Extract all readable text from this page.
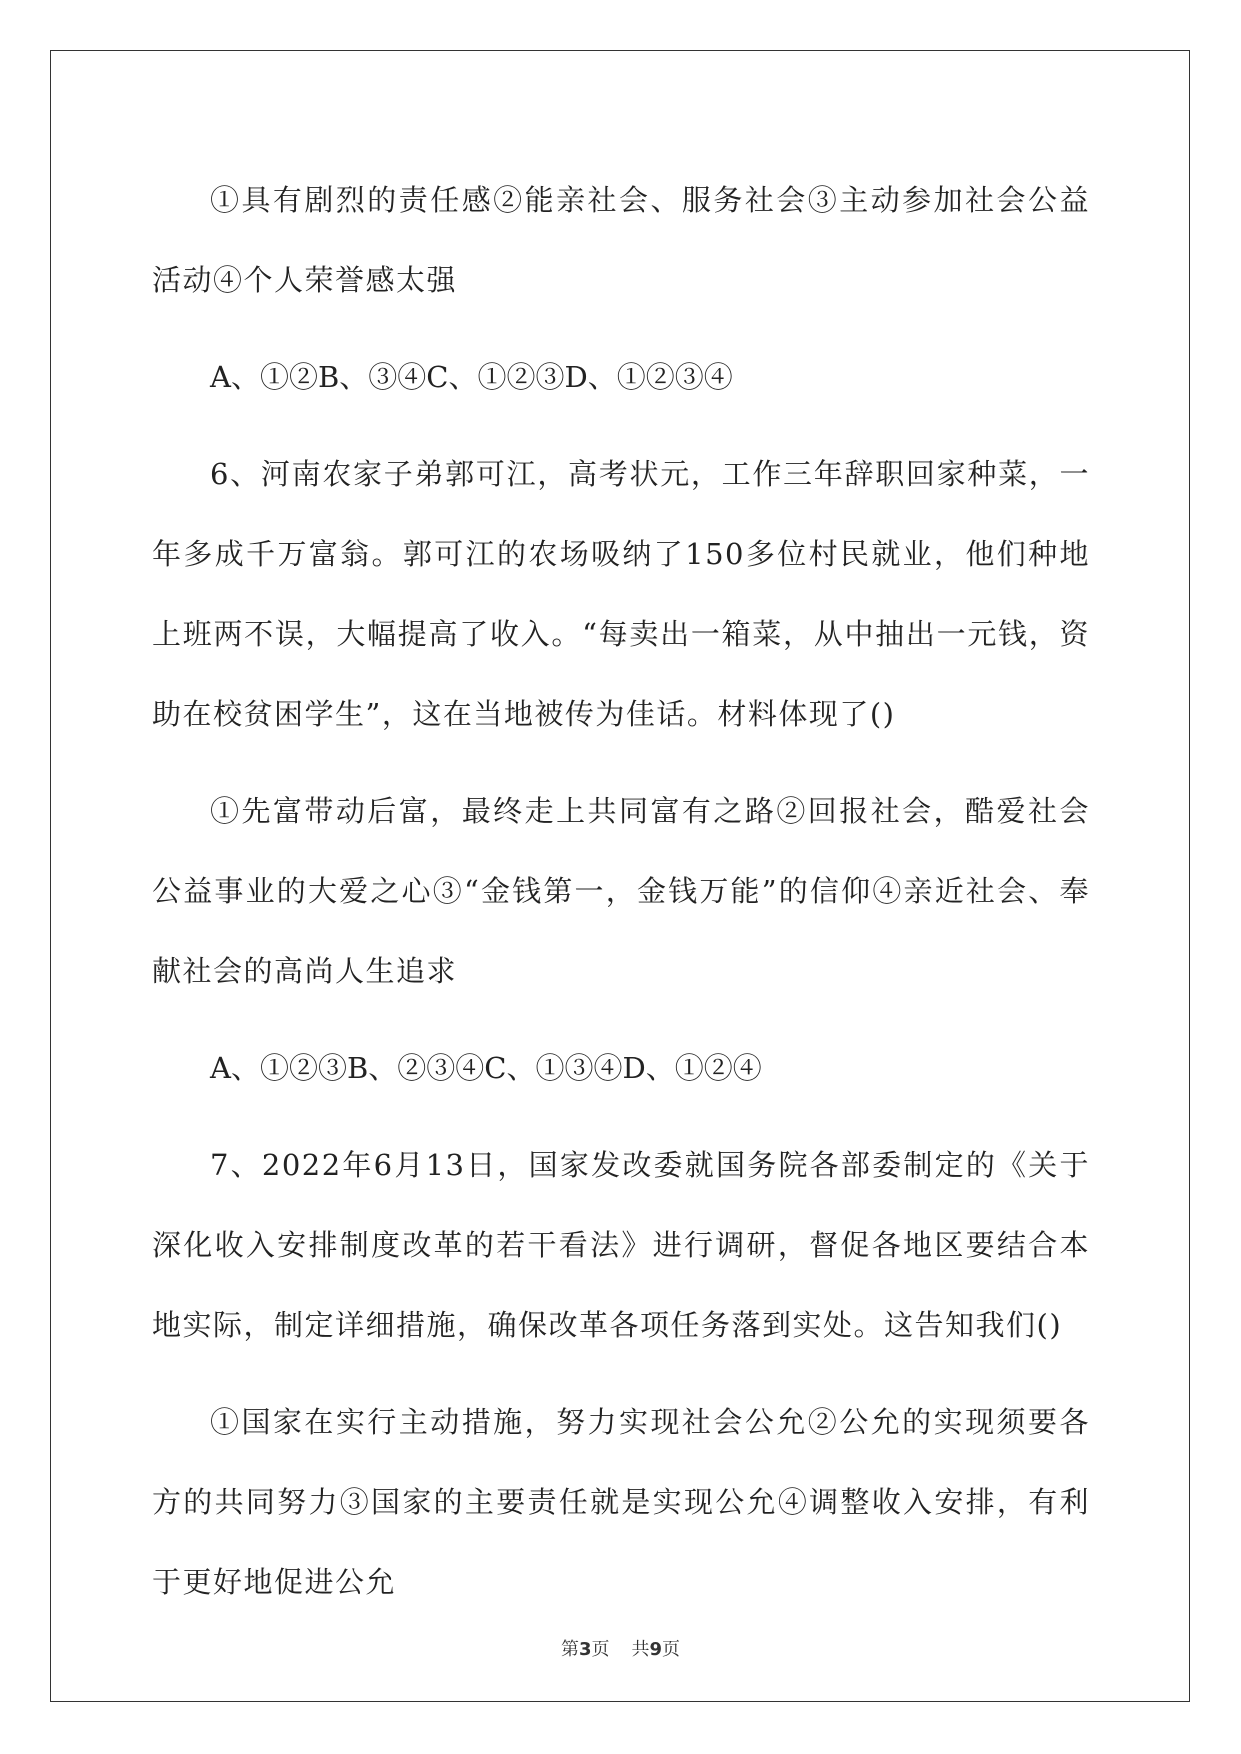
①具有剧烈的责任感②能亲社会、服务社会③主动参加社会公益活动④个人荣誉感太强

A、①②B、③④C、①②③D、①②③④

6、河南农家子弟郭可江，高考状元，工作三年辞职回家种菜，一年多成千万富翁。郭可江的农场吸纳了150多位村民就业，他们种地上班两不误，大幅提高了收入。“每卖出一箱菜，从中抽出一元钱，资助在校贫困学生”，这在当地被传为佳话。材料体现了()

①先富带动后富，最终走上共同富有之路②回报社会，酷爱社会公益事业的大爱之心③“金钱第一，金钱万能”的信仰④亲近社会、奉献社会的高尚人生追求

A、①②③B、②③④C、①③④D、①②④

7、2022年6月13日，国家发改委就国务院各部委制定的《关于深化收入安排制度改革的若干看法》进行调研，督促各地区要结合本地实际，制定详细措施，确保改革各项任务落到实处。这告知我们()

①国家在实行主动措施，努力实现社会公允②公允的实现须要各方的共同努力③国家的主要责任就是实现公允④调整收入安排，有利于更好地促进公允

第3页 共9页
